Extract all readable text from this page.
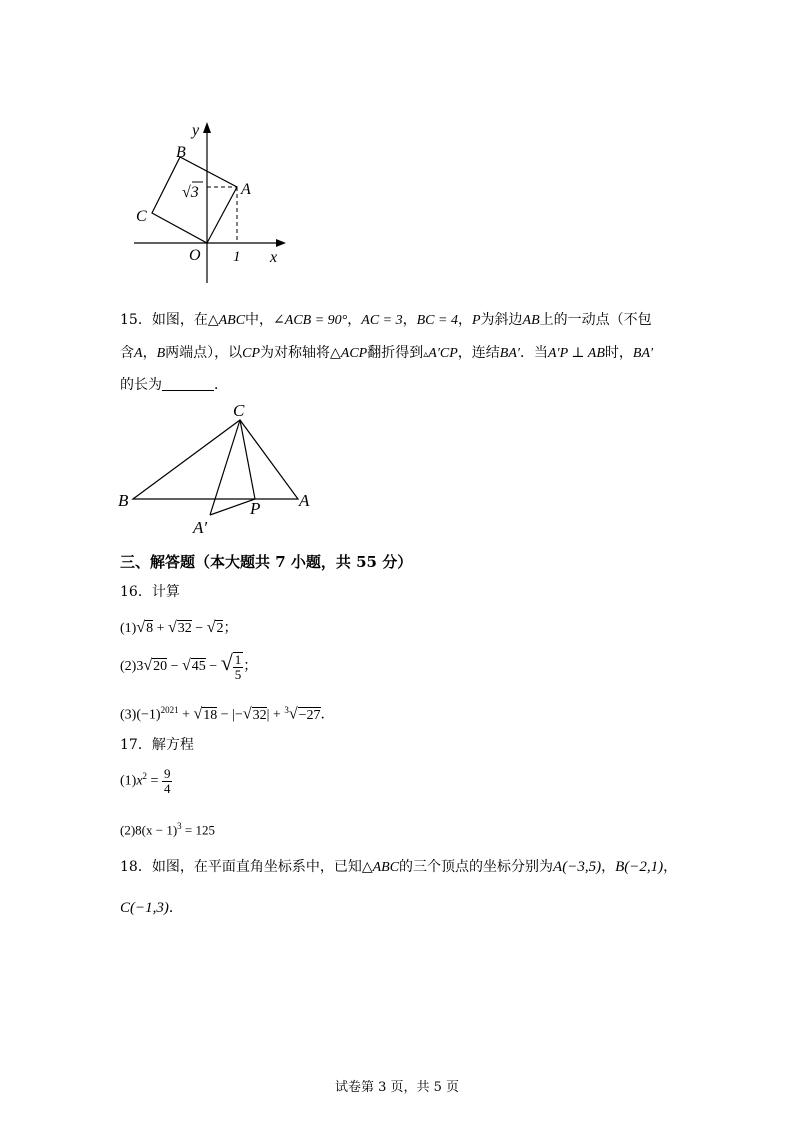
y
B
A
C
O 1 x
√3
15．如图，在△ABC中，∠ACB = 90°，AC = 3，BC = 4，P为斜边AB上的一动点（不包
含A，B两端点），以CP为对称轴将△ACP翻折得到▵A′CP，连结BA′．当A′P ⊥ AB时，BA′
的长为	．
C
B	A
P
A′
三、解答题（本大题共 7 小题，共 55 分）
16．计算
(1)√8 + √32 − √2；
(2)3√20 − √45 − √ $\frac{1}{5}$ ；
$(3)(-1)^{2021} + √18 - |-√32| + ^3√-27$．
17．解方程
$(1)x^2 = \frac{9}{4}$
$(2)8(x - 1)^3 = 125$
18．如图，在平面直角坐标系中，已知△ABC的三个顶点的坐标分别为A(−3,5)，B(−2,1)，
C(−1,3)．
试卷第 3 页，共 5 页
